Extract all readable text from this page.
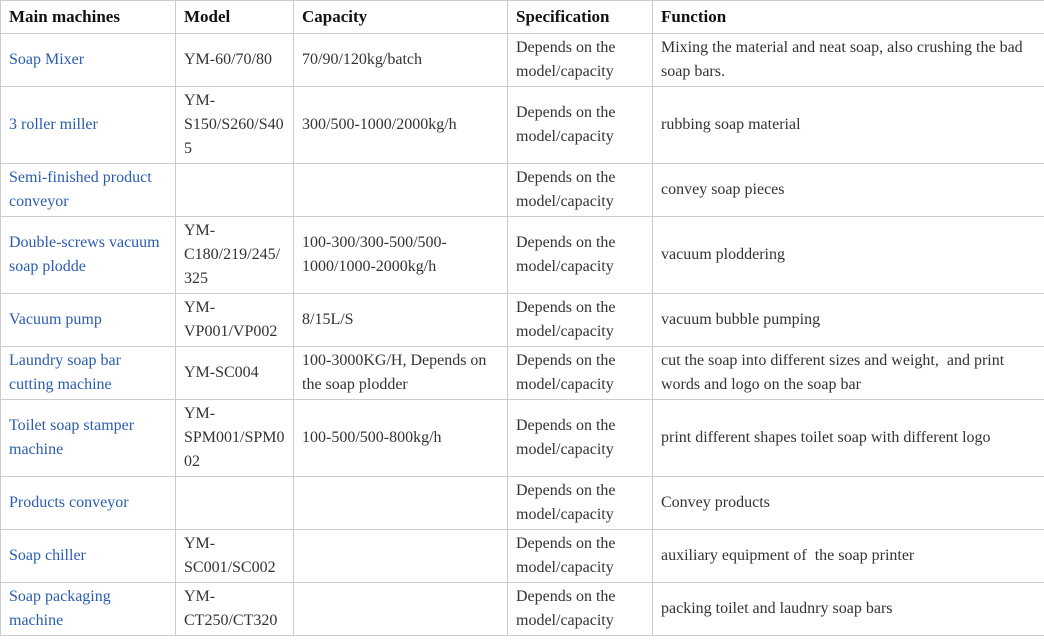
Main machines	Model	Capacity	Specification	Function
Soap Mixer	YM-60/70/80	70/90/120kg/batch	Depends on the model/capacity	Mixing the material and neat soap, also crushing the bad soap bars.
3 roller miller	YM-S150/S260/S405	300/500-1000/2000kg/h	Depends on the model/capacity	rubbing soap material
Semi-finished product conveyor			Depends on the model/capacity	convey soap pieces
Double-screws vacuum soap plodde	YM-C180/219/245/325	100-300/300-500/500-1000/1000-2000kg/h	Depends on the model/capacity	vacuum ploddering
Vacuum pump	YM-VP001/VP002	8/15L/S	Depends on the model/capacity	vacuum bubble pumping
Laundry soap bar cutting machine	YM-SC004	100-3000KG/H, Depends on the soap plodder	Depends on the model/capacity	cut the soap into different sizes and weight,  and print words and logo on the soap bar
Toilet soap stamper machine	YM-SPM001/SPM002	100-500/500-800kg/h	Depends on the model/capacity	print different shapes toilet soap with different logo
Products conveyor			Depends on the model/capacity	Convey products
Soap chiller	YM-SC001/SC002		Depends on the model/capacity	auxiliary equipment of  the soap printer
Soap packaging machine	YM-CT250/CT320		Depends on the model/capacity	packing toilet and laudnry soap bars
